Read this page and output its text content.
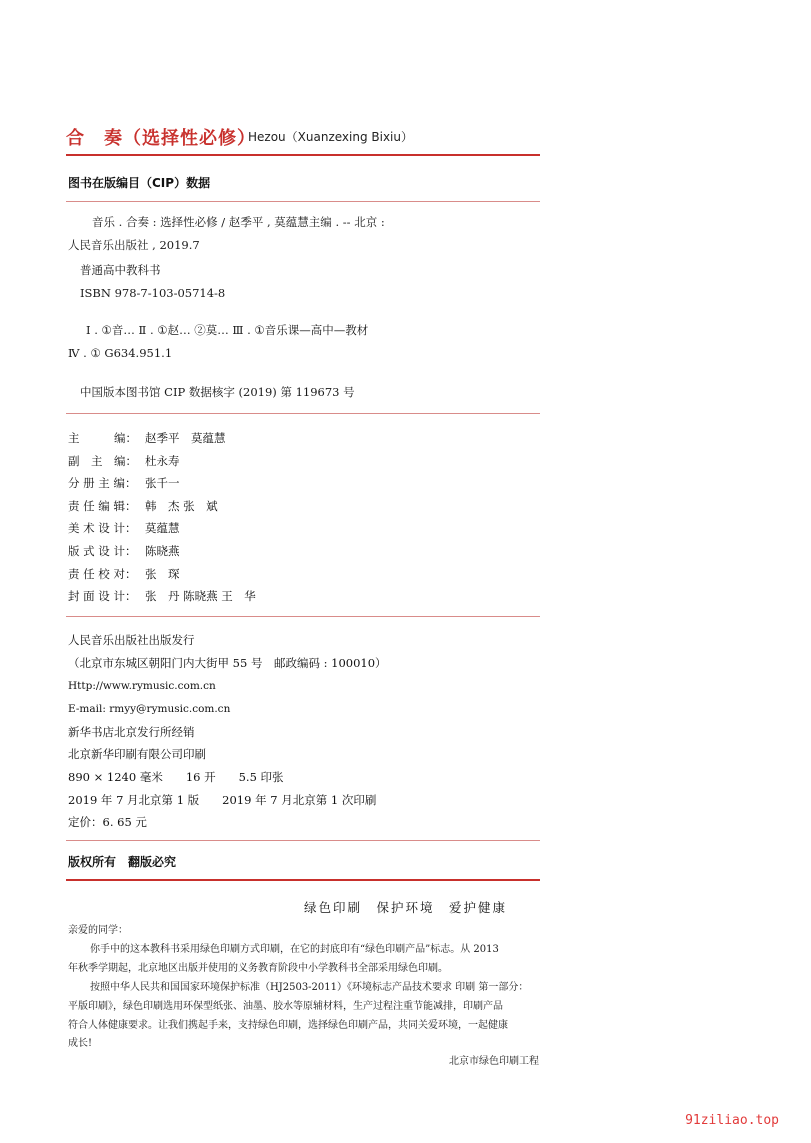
合　奏（选择性必修）
Hezou（Xuanzexing Bixiu）
图书在版编目（CIP）数据
音乐 . 合奏 : 选择性必修 / 赵季平 , 莫蕴慧主编 . -- 北京 :
人民音乐出版社 , 2019.7
普通高中教科书
ISBN 978-7-103-05714-8
Ⅰ . ①音… Ⅱ . ①赵… ②莫… Ⅲ . ①音乐课—高中—教材
Ⅳ . ① G634.951.1
中国版本图书馆 CIP 数据核字 (2019) 第 119673 号
主　　　编： 赵季平　莫蕴慧
副　主　编： 杜永寿
分 册 主 编： 张千一
责 任 编 辑： 韩　杰 张　斌
美 术 设 计： 莫蕴慧
版 式 设 计： 陈晓燕
责 任 校 对： 张　琛
封 面 设 计： 张　丹 陈晓燕 王　华
人民音乐出版社出版发行
（北京市东城区朝阳门内大街甲 55 号　邮政编码 : 100010）
Http://www.rymusic.com.cn
E-mail: rmyy@rymusic.com.cn
新华书店北京发行所经销
北京新华印刷有限公司印刷
890 × 1240 毫米　　16 开　　5.5 印张
2019 年 7 月北京第 1 版　　2019 年 7 月北京第 1 次印刷
定价：6. 65 元
版权所有　翻版必究
绿色印刷　保护环境　爱护健康
亲爱的同学：
你手中的这本教科书采用绿色印刷方式印刷，在它的封底印有“绿色印刷产品”标志。从 2013
年秋季学期起，北京地区出版并使用的义务教育阶段中小学教科书全部采用绿色印刷。
按照中华人民共和国国家环境保护标准（HJ2503-2011）《环境标志产品技术要求 印刷 第一部分：
平版印刷》，绿色印刷选用环保型纸张、油墨、胶水等原辅材料，生产过程注重节能减排，印刷产品
符合人体健康要求。让我们携起手来，支持绿色印刷，选择绿色印刷产品，共同关爱环境，一起健康
成长!
北京市绿色印刷工程
91ziliao.top
